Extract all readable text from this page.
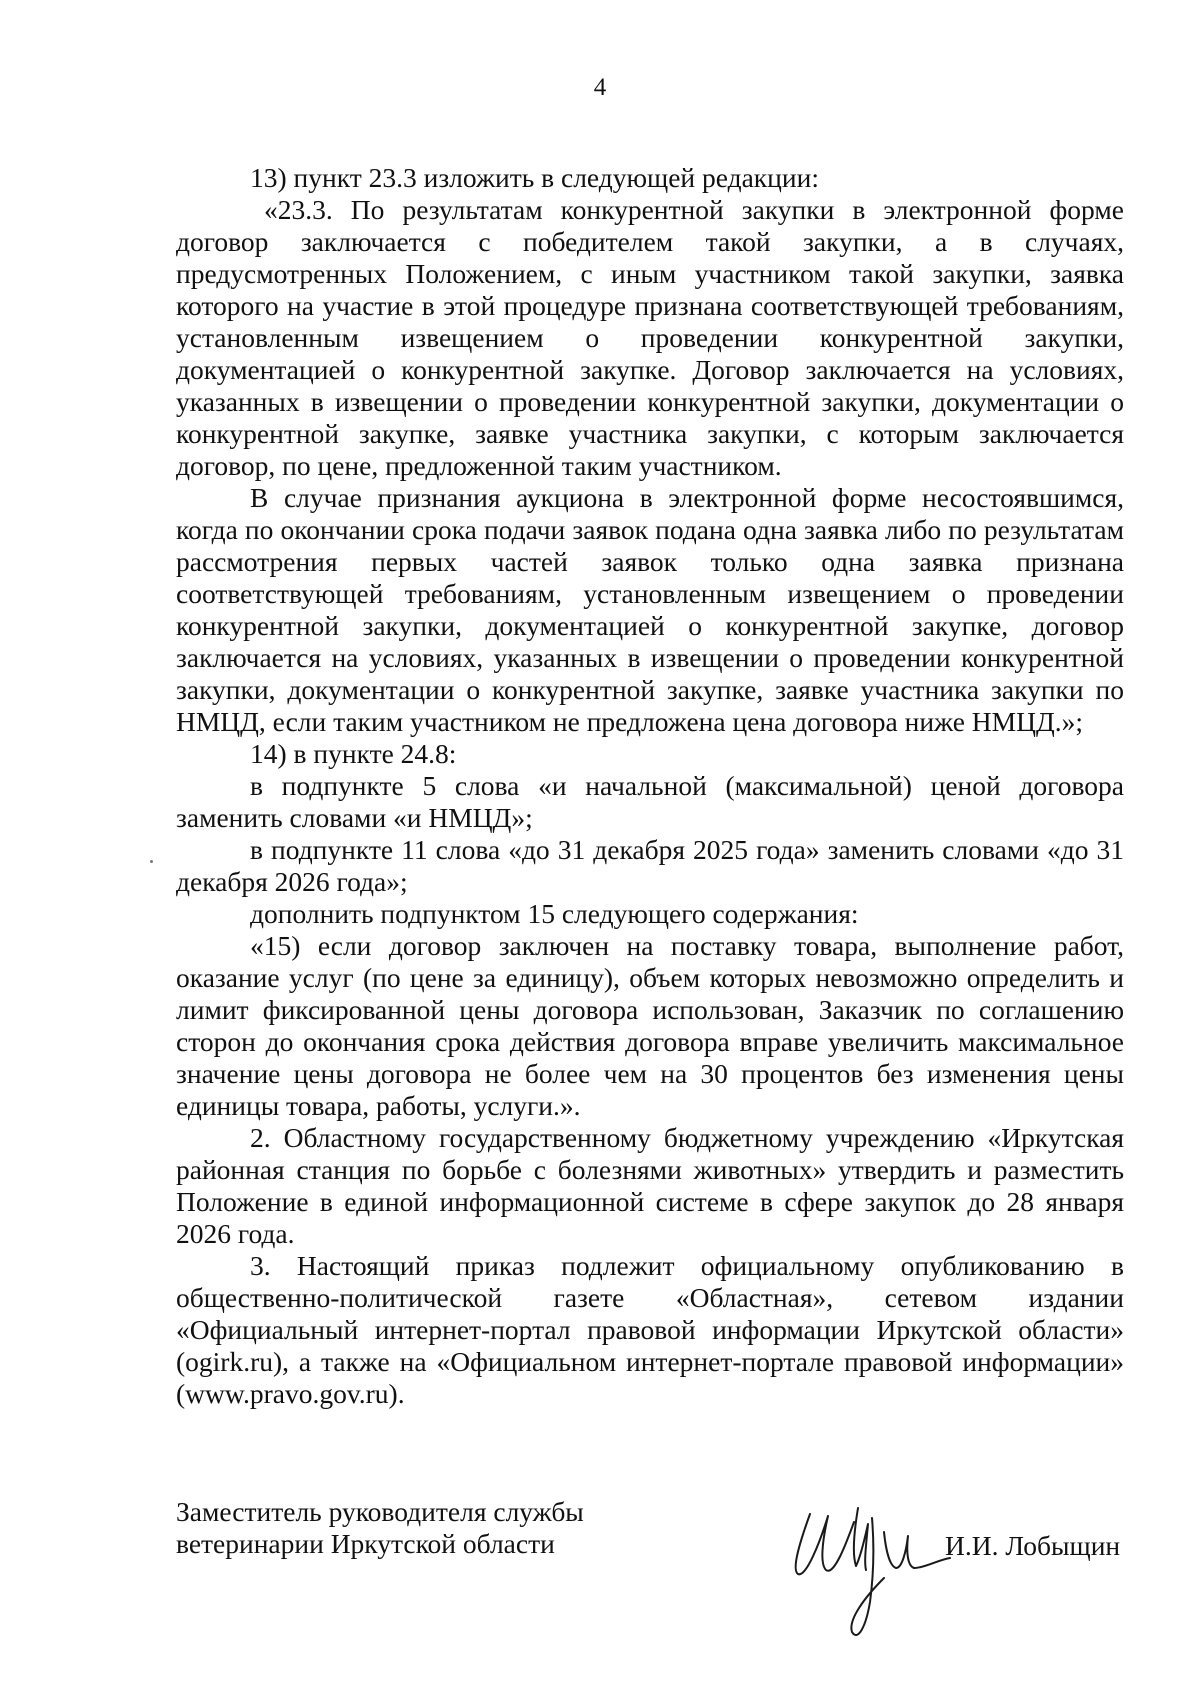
4

13) пункт 23.3 изложить в следующей редакции:

«23.3. По результатам конкурентной закупки в электронной форме договор заключается с победителем такой закупки, а в случаях, предусмотренных Положением, с иным участником такой закупки, заявка которого на участие в этой процедуре признана соответствующей требованиям, установленным извещением о проведении конкурентной закупки, документацией о конкурентной закупке. Договор заключается на условиях, указанных в извещении о проведении конкурентной закупки, документации о конкурентной закупке, заявке участника закупки, с которым заключается договор, по цене, предложенной таким участником.

В случае признания аукциона в электронной форме несостоявшимся, когда по окончании срока подачи заявок подана одна заявка либо по результатам рассмотрения первых частей заявок только одна заявка признана соответствующей требованиям, установленным извещением о проведении конкурентной закупки, документацией о конкурентной закупке, договор заключается на условиях, указанных в извещении о проведении конкурентной закупки, документации о конкурентной закупке, заявке участника закупки по НМЦД, если таким участником не предложена цена договора ниже НМЦД.»;

14) в пункте 24.8:

в подпункте 5 слова «и начальной (максимальной) ценой договора заменить словами «и НМЦД»;

в подпункте 11 слова «до 31 декабря 2025 года» заменить словами «до 31 декабря 2026 года»;

дополнить подпунктом 15 следующего содержания:

«15) если договор заключен на поставку товара, выполнение работ, оказание услуг (по цене за единицу), объем которых невозможно определить и лимит фиксированной цены договора использован, Заказчик по соглашению сторон до окончания срока действия договора вправе увеличить максимальное значение цены договора не более чем на 30 процентов без изменения цены единицы товара, работы, услуги.».

2. Областному государственному бюджетному учреждению «Иркутская районная станция по борьбе с болезнями животных» утвердить и разместить Положение в единой информационной системе в сфере закупок до 28 января 2026 года.

3. Настоящий приказ подлежит официальному опубликованию в общественно-политической газете «Областная», сетевом издании «Официальный интернет-портал правовой информации Иркутской области» (ogirk.ru), а также на «Официальном интернет-портале правовой информации» (www.pravo.gov.ru).

Заместитель руководителя службы
ветеринарии Иркутской области	И.И. Лобыщин
